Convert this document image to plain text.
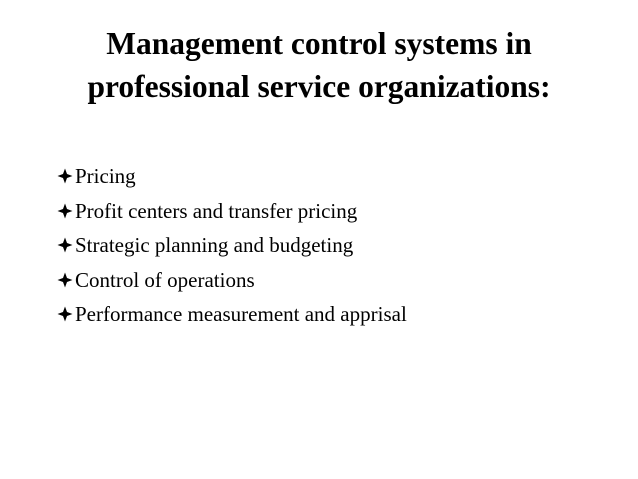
Management control systems in
professional service organizations:
Pricing
Profit centers and transfer pricing
Strategic planning and budgeting
Control of operations
Performance measurement and apprisal
